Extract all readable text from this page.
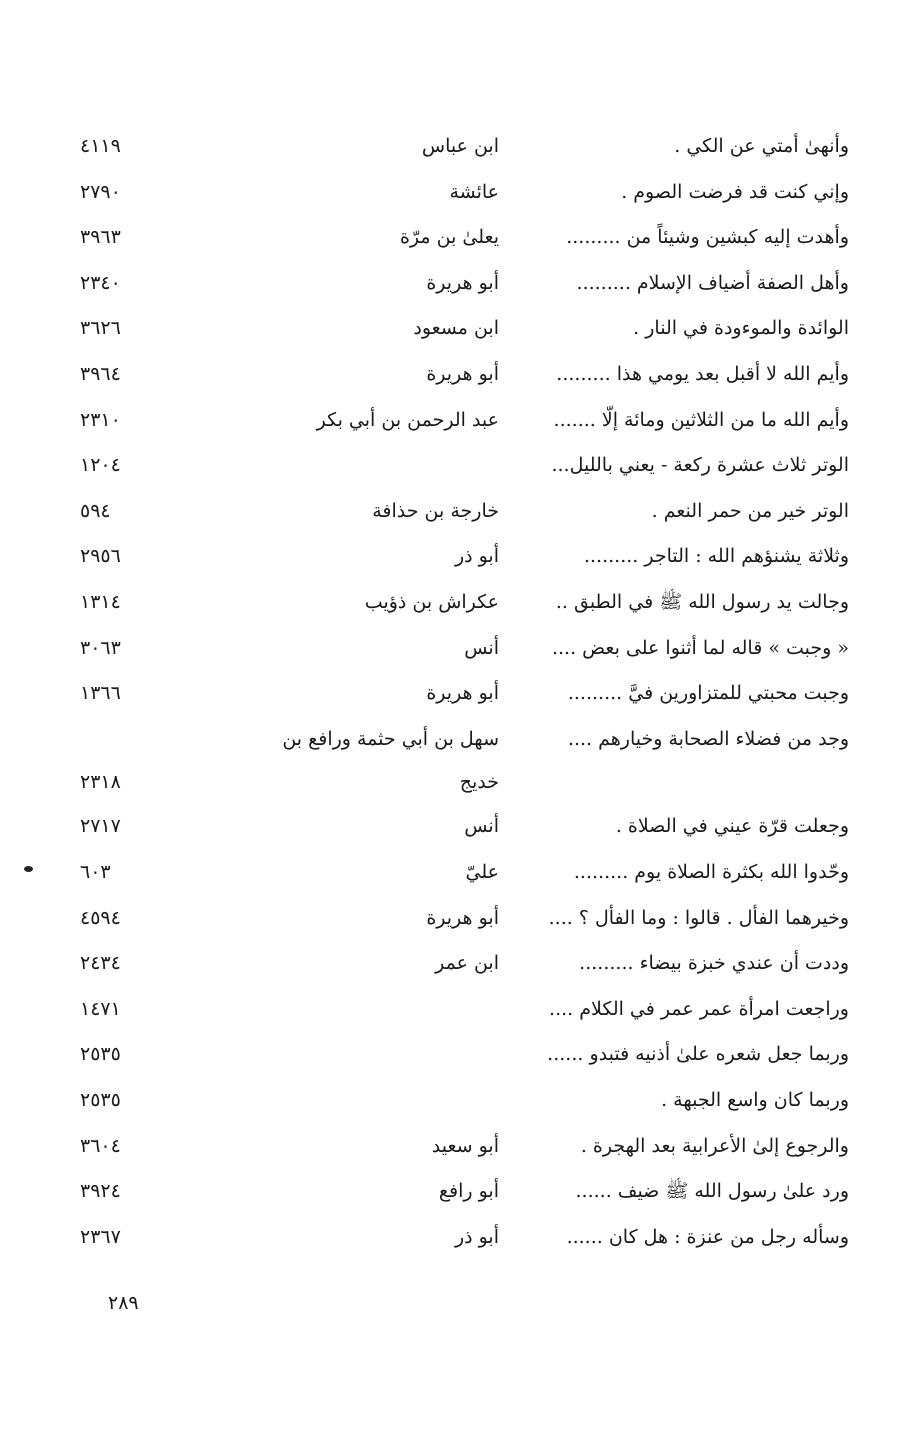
وأنهىٰ أمتي عن الكي .
ابن عباس
٤١١٩
وإني كنت قد فرضت الصوم .
عائشة
٢٧٩٠
وأهدت إليه كبشين وشيئاً من .........
يعلىٰ بن مرّة
٣٩٦٣
وأهل الصفة أضياف الإسلام .........
أبو هريرة
٢٣٤٠
الوائدة والموءودة في النار .
ابن مسعود
٣٦٢٦
وأيم الله لا أقبل بعد يومي هذا .........
أبو هريرة
٣٩٦٤
وأيم الله ما من الثلاثين ومائة إلّا .......
عبد الرحمن بن أبي بكر
٢٣١٠
الوتر ثلاث عشرة ركعة - يعني بالليل...
١٢٠٤
الوتر خير من حمر النعم .
خارجة بن حذافة
٥٩٤
وثلاثة يشنؤهم الله : التاجر .........
أبو ذر
٢٩٥٦
وجالت يد رسول الله ﷺ في الطبق ..
عكراش بن ذؤيب
١٣١٤
« وجبت » قاله لما أثنوا على بعض ....
أنس
٣٠٦٣
وجبت محبتي للمتزاورين فيَّ .........
أبو هريرة
١٣٦٦
وجد من فضلاء الصحابة وخيارهم ....
سهل بن أبي حثمة ورافع بن خديج
٢٣١٨
وجعلت قرّة عيني في الصلاة .
أنس
٢٧١٧
وحّدوا الله بكثرة الصلاة يوم .........
عليّ
٦٠٣
وخيرهما الفأل . قالوا : وما الفأل ؟ ....
أبو هريرة
٤٥٩٤
وددت أن عندي خبزة بيضاء .........
ابن عمر
٢٤٣٤
وراجعت امرأة عمر عمر في الكلام ....
١٤٧١
وربما جعل شعره علىٰ أذنيه فتبدو ......
٢٥٣٥
وربما كان واسع الجبهة .
٢٥٣٥
والرجوع إلىٰ الأعرابية بعد الهجرة .
أبو سعيد
٣٦٠٤
ورد علىٰ رسول الله ﷺ ضيف ......
أبو رافع
٣٩٢٤
وسأله رجل من عنزة : هل كان ......
أبو ذر
٢٣٦٧
٢٨٩
